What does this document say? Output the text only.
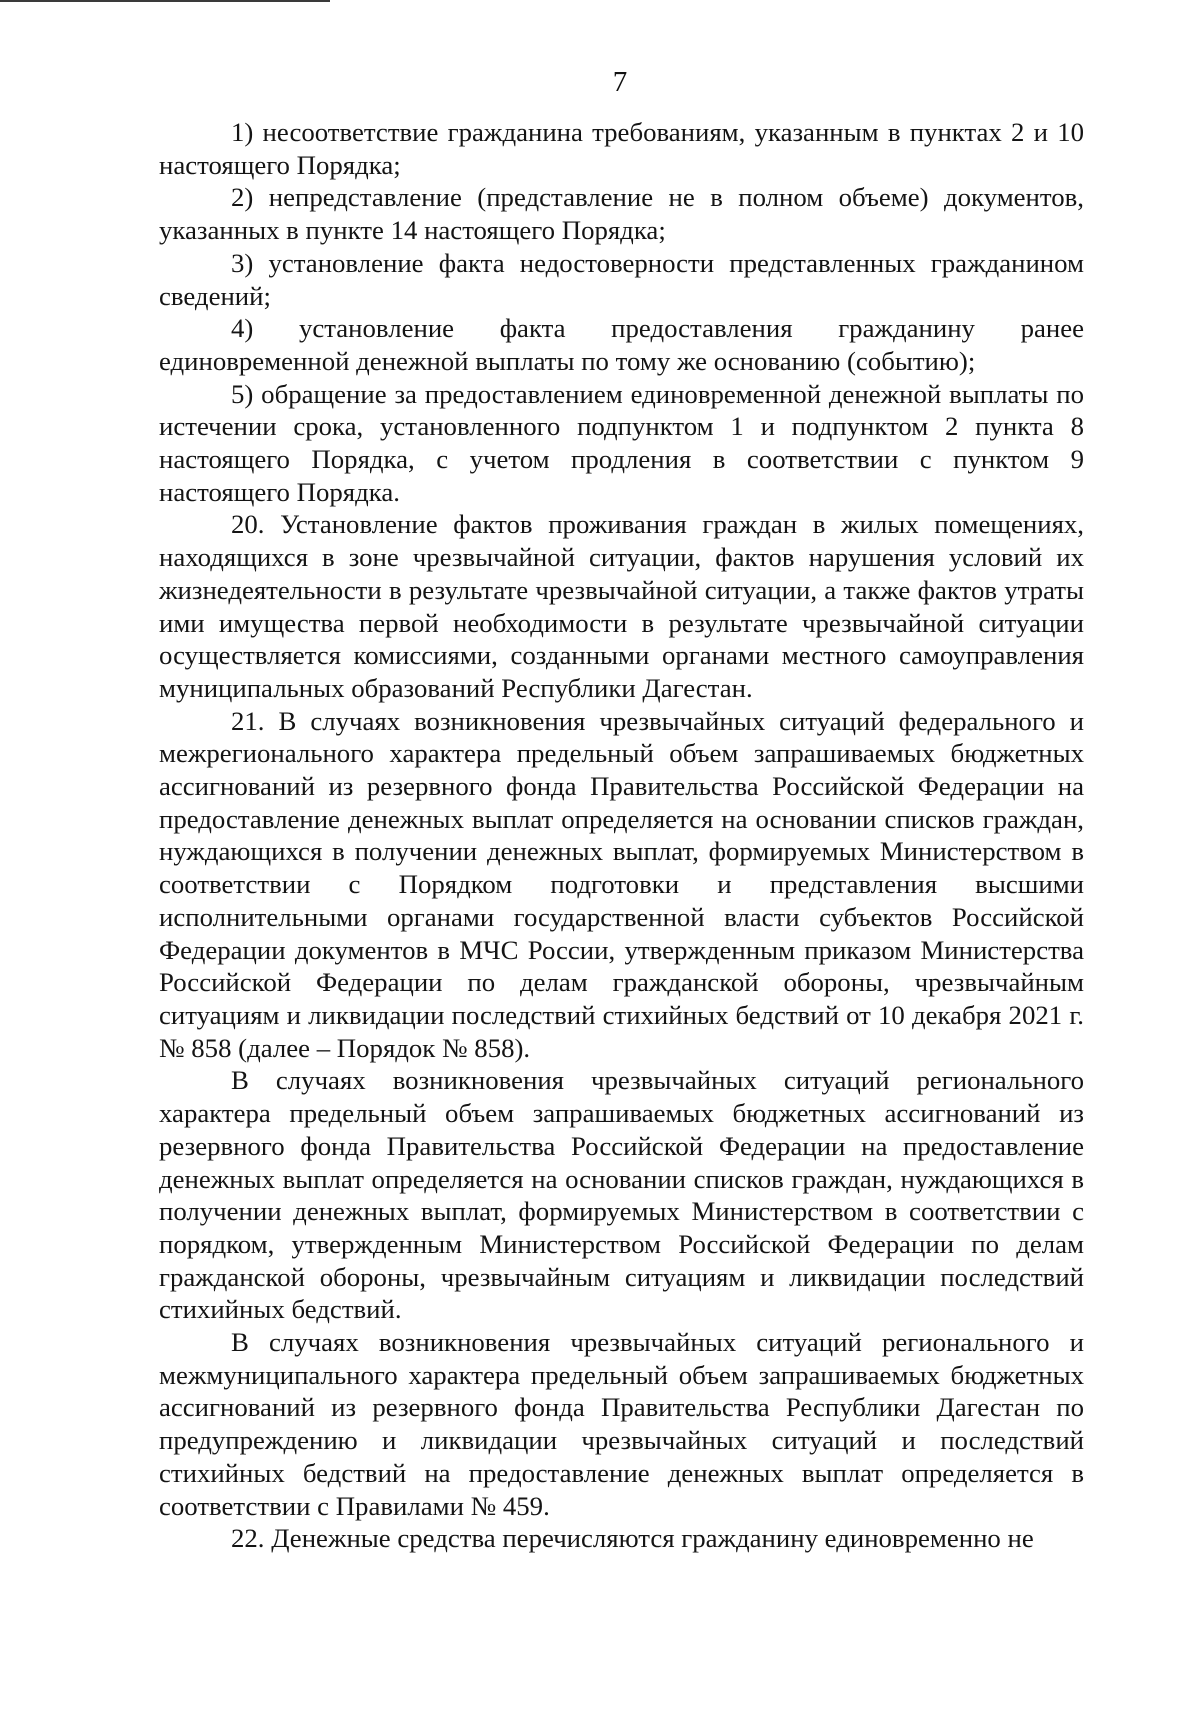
7

1) несоответствие гражданина требованиям, указанным в пунктах 2 и 10 настоящего Порядка;

2) непредставление (представление не в полном объеме) документов, указанных в пункте 14 настоящего Порядка;

3) установление факта недостоверности представленных гражданином сведений;

4) установление факта предоставления гражданину ранее единовременной денежной выплаты по тому же основанию (событию);

5) обращение за предоставлением единовременной денежной выплаты по истечении срока, установленного подпунктом 1 и подпунктом 2 пункта 8 настоящего Порядка, с учетом продления в соответствии с пунктом 9 настоящего Порядка.

20. Установление фактов проживания граждан в жилых помещениях, находящихся в зоне чрезвычайной ситуации, фактов нарушения условий их жизнедеятельности в результате чрезвычайной ситуации, а также фактов утраты ими имущества первой необходимости в результате чрезвычайной ситуации осуществляется комиссиями, созданными органами местного самоуправления муниципальных образований Республики Дагестан.

21. В случаях возникновения чрезвычайных ситуаций федерального и межрегионального характера предельный объем запрашиваемых бюджетных ассигнований из резервного фонда Правительства Российской Федерации на предоставление денежных выплат определяется на основании списков граждан, нуждающихся в получении денежных выплат, формируемых Министерством в соответствии с Порядком подготовки и представления высшими исполнительными органами государственной власти субъектов Российской Федерации документов в МЧС России, утвержденным приказом Министерства Российской Федерации по делам гражданской обороны, чрезвычайным ситуациям и ликвидации последствий стихийных бедствий от 10 декабря 2021 г. № 858 (далее – Порядок № 858).

В случаях возникновения чрезвычайных ситуаций регионального характера предельный объем запрашиваемых бюджетных ассигнований из резервного фонда Правительства Российской Федерации на предоставление денежных выплат определяется на основании списков граждан, нуждающихся в получении денежных выплат, формируемых Министерством в соответствии с порядком, утвержденным Министерством Российской Федерации по делам гражданской обороны, чрезвычайным ситуациям и ликвидации последствий стихийных бедствий.

В случаях возникновения чрезвычайных ситуаций регионального и межмуниципального характера предельный объем запрашиваемых бюджетных ассигнований из резервного фонда Правительства Республики Дагестан по предупреждению и ликвидации чрезвычайных ситуаций и последствий стихийных бедствий на предоставление денежных выплат определяется в соответствии с Правилами № 459.

22. Денежные средства перечисляются гражданину единовременно не
